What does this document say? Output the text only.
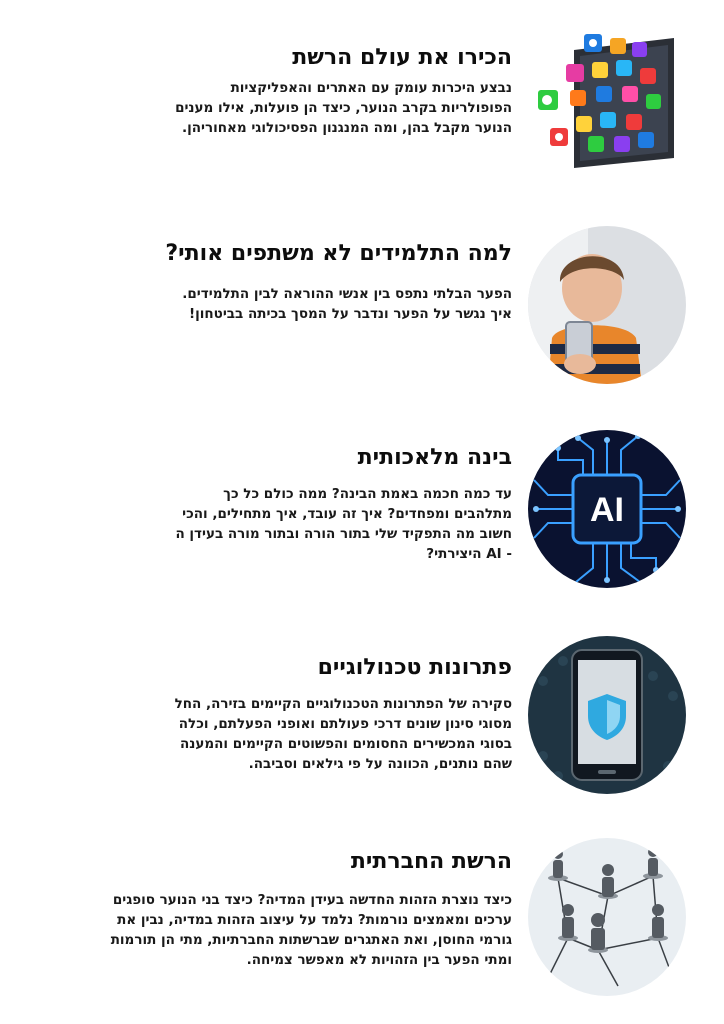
הכירו את עולם הרשת
נבצע היכרות עומק עם האתרים והאפליקציות
הפופולריות בקרב הנוער, כיצד הן פועלות, אילו מענים
הנוער מקבל בהן, ומה המנגנון הפסיכולוגי מאחוריהן.
למה התלמידים לא משתפים אותי?
הפער הבלתי נתפס בין אנשי ההוראה לבין התלמידים.
איך נגשר על הפער ונדבר על המסך בכיתה בביטחון!
בינה מלאכותית
עד כמה חכמה באמת הבינה? ממה כולם כל כך
מתלהבים ומפחדים? איך זה עובד, איך מתחילים, והכי
חשוב מה התפקיד שלי בתור הורה ובתור מורה בעידן ה
- AI היצירתי?
AI
פתרונות טכנולוגיים
סקירה של הפתרונות הטכנולוגיים הקיימים בזירה, החל
מסוגי סינון שונים דרכי פעולתם ואופני הפעלתם, וכלה
בסוגי המכשירים החסומים והפשוטים הקיימים והמענה
שהם נותנים, הכוונה על פי גילאים וסביבה.
הרשת החברתית
כיצד נוצרת הזהות החדשה בעידן המדיה? כיצד בני הנוער סופגים
ערכים ומאמצים נורמות? נלמד על עיצוב הזהות במדיה, נבין את
גורמי החוסן, ואת האתגרים שברשתות החברתיות, מתי הן תורמות
ומתי הפער בין הזהויות לא מאפשר צמיחה.
